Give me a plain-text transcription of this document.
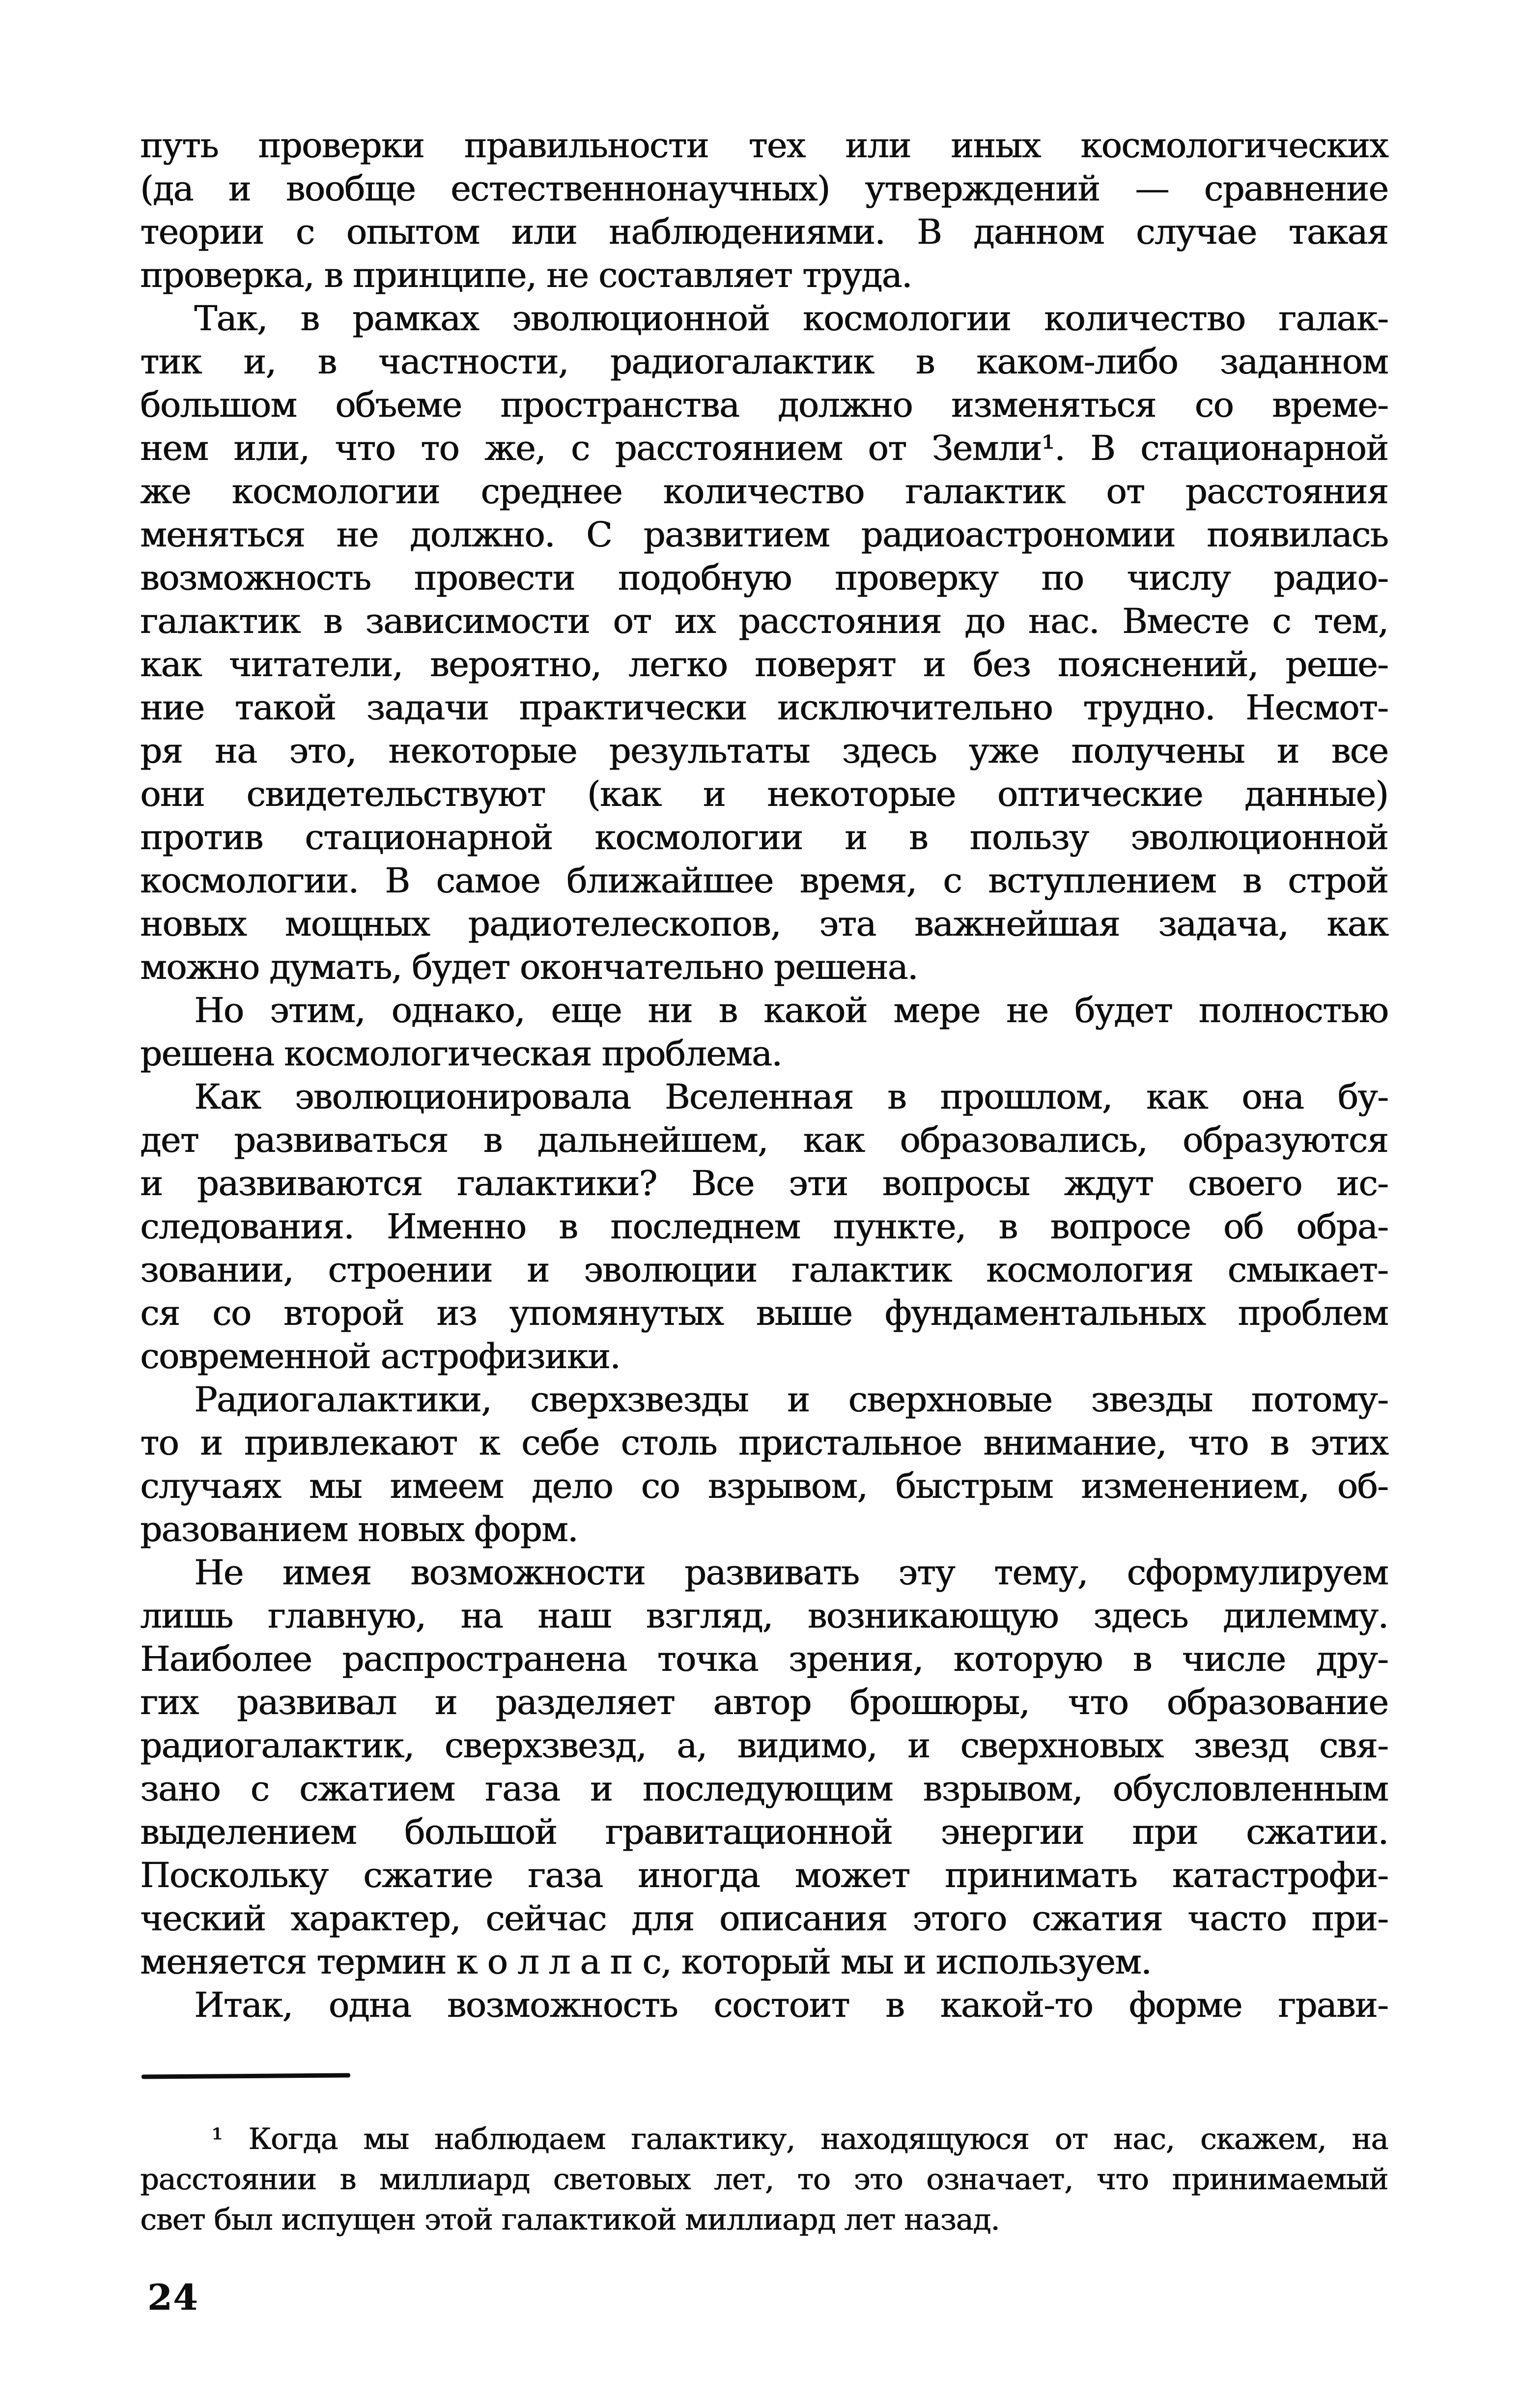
путь проверки правильности тех или иных космологических
(да и вообще естественнонаучных) утверждений — сравнение
теории с опытом или наблюдениями. В данном случае такая
проверка, в принципе, не составляет труда.
Так, в рамках эволюционной космологии количество галак-
тик и, в частности, радиогалактик в каком-либо заданном
большом объеме пространства должно изменяться со време-
нем или, что то же, с расстоянием от Земли¹. В стационарной
же космологии среднее количество галактик от расстояния
меняться не должно. С развитием радиоастрономии появилась
возможность провести подобную проверку по числу радио-
галактик в зависимости от их расстояния до нас. Вместе с тем,
как читатели, вероятно, легко поверят и без пояснений, реше-
ние такой задачи практически исключительно трудно. Несмот-
ря на это, некоторые результаты здесь уже получены и все
они свидетельствуют (как и некоторые оптические данные)
против стационарной космологии и в пользу эволюционной
космологии. В самое ближайшее время, с вступлением в строй
новых мощных радиотелескопов, эта важнейшая задача, как
можно думать, будет окончательно решена.
Но этим, однако, еще ни в какой мере не будет полностью
решена космологическая проблема.
Как эволюционировала Вселенная в прошлом, как она бу-
дет развиваться в дальнейшем, как образовались, образуются
и развиваются галактики? Все эти вопросы ждут своего ис-
следования. Именно в последнем пункте, в вопросе об обра-
зовании, строении и эволюции галактик космология смыкает-
ся со второй из упомянутых выше фундаментальных проблем
современной астрофизики.
Радиогалактики, сверхзвезды и сверхновые звезды потому-
то и привлекают к себе столь пристальное внимание, что в этих
случаях мы имеем дело со взрывом, быстрым изменением, об-
разованием новых форм.
Не имея возможности развивать эту тему, сформулируем
лишь главную, на наш взгляд, возникающую здесь дилемму.
Наиболее распространена точка зрения, которую в числе дру-
гих развивал и разделяет автор брошюры, что образование
радиогалактик, сверхзвезд, а, видимо, и сверхновых звезд свя-
зано с сжатием газа и последующим взрывом, обусловленным
выделением большой гравитационной энергии при сжатии.
Поскольку сжатие газа иногда может принимать катастрофи-
ческий характер, сейчас для описания этого сжатия часто при-
меняется термин к о л л а п с, который мы и используем.
Итак, одна возможность состоит в какой-то форме грави-
¹ Когда мы наблюдаем галактику, находящуюся от нас, скажем, на
расстоянии в миллиард световых лет, то это означает, что принимаемый
свет был испущен этой галактикой миллиард лет назад.
24
